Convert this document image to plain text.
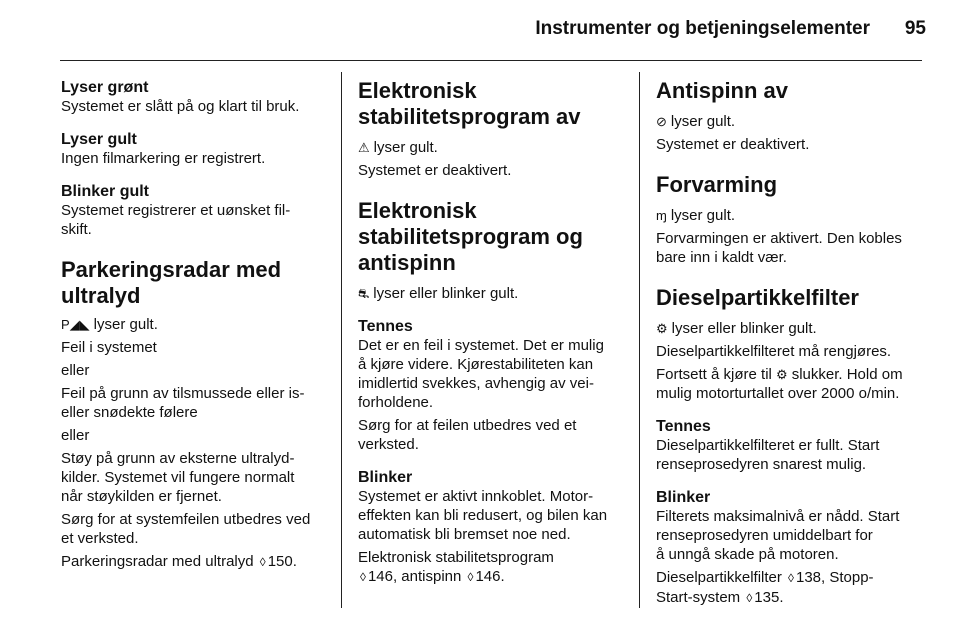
Instrumenter og betjeningselementer 95
Lyser grønt

Systemet er slått på og klart til bruk.

Lyser gult

Ingen filmarkering er registrert.

Blinker gult

Systemet registrerer et uønsket fil-

skift.

Parkeringsradar med
ultralyd

P◢◣ lyser gult.

Feil i systemet

eller

Feil på grunn av tilsmussede eller is-

eller snødekte følere

eller

Støy på grunn av eksterne ultralyd-

kilder. Systemet vil fungere normalt

når støykilden er fjernet.

Sørg for at systemfeilen utbedres ved

et verksted.

Parkeringsradar med ultralyd ◊ 150.

Elektronisk
stabilitetsprogram av

⚠ lyser gult.

Systemet er deaktivert.

Elektronisk
stabilitetsprogram og
antispinn

⛐ lyser eller blinker gult.

Tennes

Det er en feil i systemet. Det er mulig

å kjøre videre. Kjørestabiliteten kan

imidlertid svekkes, avhengig av vei-

forholdene.

Sørg for at feilen utbedres ved et

verksted.

Blinker

Systemet er aktivt innkoblet. Motor-

effekten kan bli redusert, og bilen kan

automatisk bli bremset noe ned.

Elektronisk stabilitetsprogram

◊ 146, antispinn ◊ 146.

Antispinn av

⊘ lyser gult.

Systemet er deaktivert.

Forvarming

ɱ lyser gult.

Forvarmingen er aktivert. Den kobles

bare inn i kaldt vær.

Dieselpartikkelfilter

⚙ lyser eller blinker gult.

Dieselpartikkelfilteret må rengjøres.

Fortsett å kjøre til ⚙ slukker. Hold om

mulig motorturtallet over 2000 o/min.

Tennes

Dieselpartikkelfilteret er fullt. Start

renseprosedyren snarest mulig.

Blinker

Filterets maksimalnivå er nådd. Start

renseprosedyren umiddelbart for

å unngå skade på motoren.

Dieselpartikkelfilter ◊ 138, Stopp-

Start-system ◊ 135.
